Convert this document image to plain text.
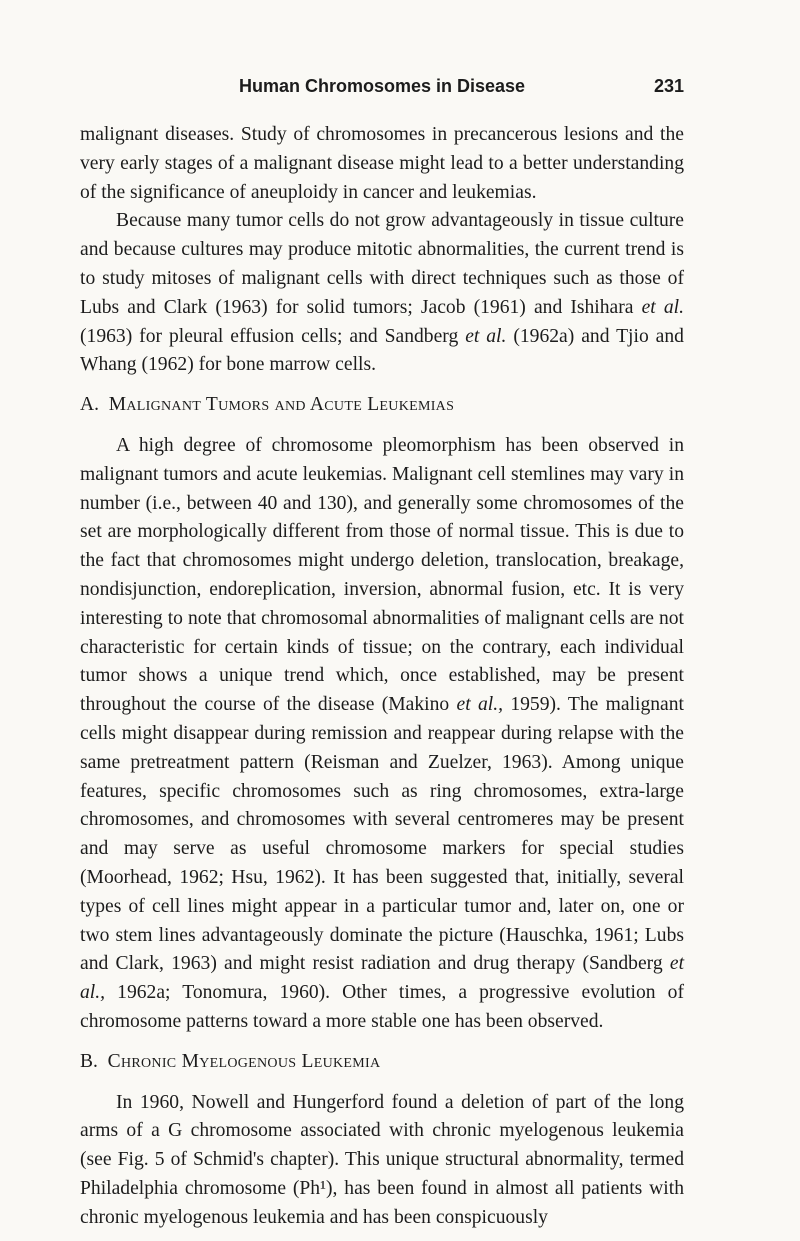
Human Chromosomes in Disease	231

malignant diseases. Study of chromosomes in precancerous lesions and the very early stages of a malignant disease might lead to a better understanding of the significance of aneuploidy in cancer and leukemias.

Because many tumor cells do not grow advantageously in tissue culture and because cultures may produce mitotic abnormalities, the current trend is to study mitoses of malignant cells with direct techniques such as those of Lubs and Clark (1963) for solid tumors; Jacob (1961) and Ishihara et al. (1963) for pleural effusion cells; and Sandberg et al. (1962a) and Tjio and Whang (1962) for bone marrow cells.

A. Malignant Tumors and Acute Leukemias

A high degree of chromosome pleomorphism has been observed in malignant tumors and acute leukemias. Malignant cell stemlines may vary in number (i.e., between 40 and 130), and generally some chromosomes of the set are morphologically different from those of normal tissue. This is due to the fact that chromosomes might undergo deletion, translocation, breakage, nondisjunction, endoreplication, inversion, abnormal fusion, etc. It is very interesting to note that chromosomal abnormalities of malignant cells are not characteristic for certain kinds of tissue; on the contrary, each individual tumor shows a unique trend which, once established, may be present throughout the course of the disease (Makino et al., 1959). The malignant cells might disappear during remission and reappear during relapse with the same pretreatment pattern (Reisman and Zuelzer, 1963). Among unique features, specific chromosomes such as ring chromosomes, extra-large chromosomes, and chromosomes with several centromeres may be present and may serve as useful chromosome markers for special studies (Moorhead, 1962; Hsu, 1962). It has been suggested that, initially, several types of cell lines might appear in a particular tumor and, later on, one or two stem lines advantageously dominate the picture (Hauschka, 1961; Lubs and Clark, 1963) and might resist radiation and drug therapy (Sandberg et al., 1962a; Tonomura, 1960). Other times, a progressive evolution of chromosome patterns toward a more stable one has been observed.

B. Chronic Myelogenous Leukemia

In 1960, Nowell and Hungerford found a deletion of part of the long arms of a G chromosome associated with chronic myelogenous leukemia (see Fig. 5 of Schmid's chapter). This unique structural abnormality, termed Philadelphia chromosome (Ph¹), has been found in almost all patients with chronic myelogenous leukemia and has been conspicuously
